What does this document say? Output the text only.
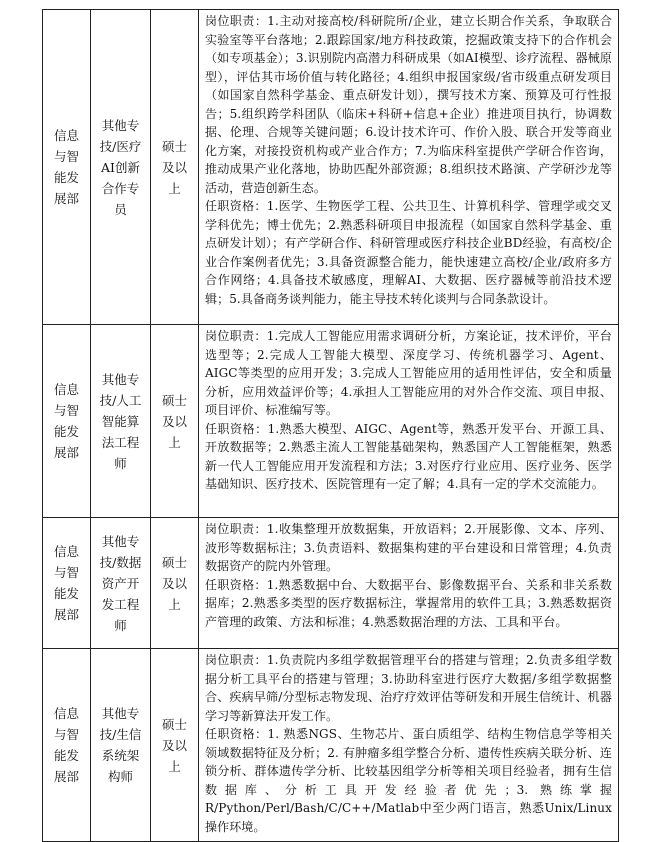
信息与智能发展部	其他专技/医疗AI创新合作专员	硕士及以上	岗位职责：1.主动对接高校/科研院所/企业，建立长期合作关系，争取联合实验室等平台落地；2.跟踪国家/地方科技政策，挖掘政策支持下的合作机会（如专项基金）；3.识别院内高潜力科研成果（如AI模型、诊疗流程、器械原型），评估其市场价值与转化路径；4.组织申报国家级/省市级重点研发项目（如国家自然科学基金、重点研发计划），撰写技术方案、预算及可行性报告；5.组织跨学科团队（临床+科研+信息+企业）推进项目执行，协调数据、伦理、合规等关键问题；6.设计技术许可、作价入股、联合开发等商业化方案，对接投资机构或产业合作方；7.为临床科室提供产学研合作咨询，推动成果产业化落地，协助匹配外部资源；8.组织技术路演、产学研沙龙等活动，营造创新生态。

任职资格：1.医学、生物医学工程、公共卫生、计算机科学、管理学或交叉学科优先；博士优先；2.熟悉科研项目申报流程（如国家自然科学基金、重点研发计划）；有产学研合作、科研管理或医疗科技企业BD经验，有高校/企业合作案例者优先；3.具备资源整合能力，能快速建立高校/企业/政府多方合作网络；4.具备技术敏感度，理解AI、大数据、医疗器械等前沿技术逻辑；5.具备商务谈判能力，能主导技术转化谈判与合同条款设计。

信息与智能发展部	其他专技/人工智能算法工程师	硕士及以上	岗位职责：1.完成人工智能应用需求调研分析，方案论证，技术评价，平台选型等；2.完成人工智能大模型、深度学习、传统机器学习、Agent、AIGC等类型的应用开发；3.完成人工智能应用的适用性评估，安全和质量分析，应用效益评价等；4.承担人工智能应用的对外合作交流、项目申报、项目评价、标准编写等。

任职资格：1.熟悉大模型、AIGC、Agent等，熟悉开发平台、开源工具、开放数据等；2.熟悉主流人工智能基础架构，熟悉国产人工智能框架，熟悉新一代人工智能应用开发流程和方法；3.对医疗行业应用、医疗业务、医学基础知识、医疗技术、医院管理有一定了解；4.具有一定的学术交流能力。

信息与智能发展部	其他专技/数据资产开发工程师	硕士及以上	岗位职责：1.收集整理开放数据集，开放语料；2.开展影像、文本、序列、波形等数据标注；3.负责语料、数据集构建的平台建设和日常管理；4.负责数据资产的院内外管理。

任职资格：1.熟悉数据中台、大数据平台、影像数据平台、关系和非关系数据库；2.熟悉多类型的医疗数据标注，掌握常用的软件工具；3.熟悉数据资产管理的政策、方法和标准；4.熟悉数据治理的方法、工具和平台。

信息与智能发展部	其他专技/生信系统架构师	硕士及以上	岗位职责：1.负责院内多组学数据管理平台的搭建与管理；2.负责多组学数据分析工具平台的搭建与管理；3.协助科室进行医疗大数据/多组学数据整合、疾病早筛/分型标志物发现、治疗疗效评估等研发和开展生信统计、机器学习等新算法开发工作。

任职资格：1. 熟悉NGS、生物芯片、蛋白质组学、结构生物信息学等相关领域数据特征及分析；2. 有肿瘤多组学整合分析、遗传性疾病关联分析、连锁分析、群体遗传学分析、比较基因组学分析等相关项目经验者，拥有生信数据库、分析工具开发经验者优先；3. 熟练掌握R/Python/Perl/Bash/C/C++/Matlab中至少两门语言，熟悉Unix/Linux操作环境。
